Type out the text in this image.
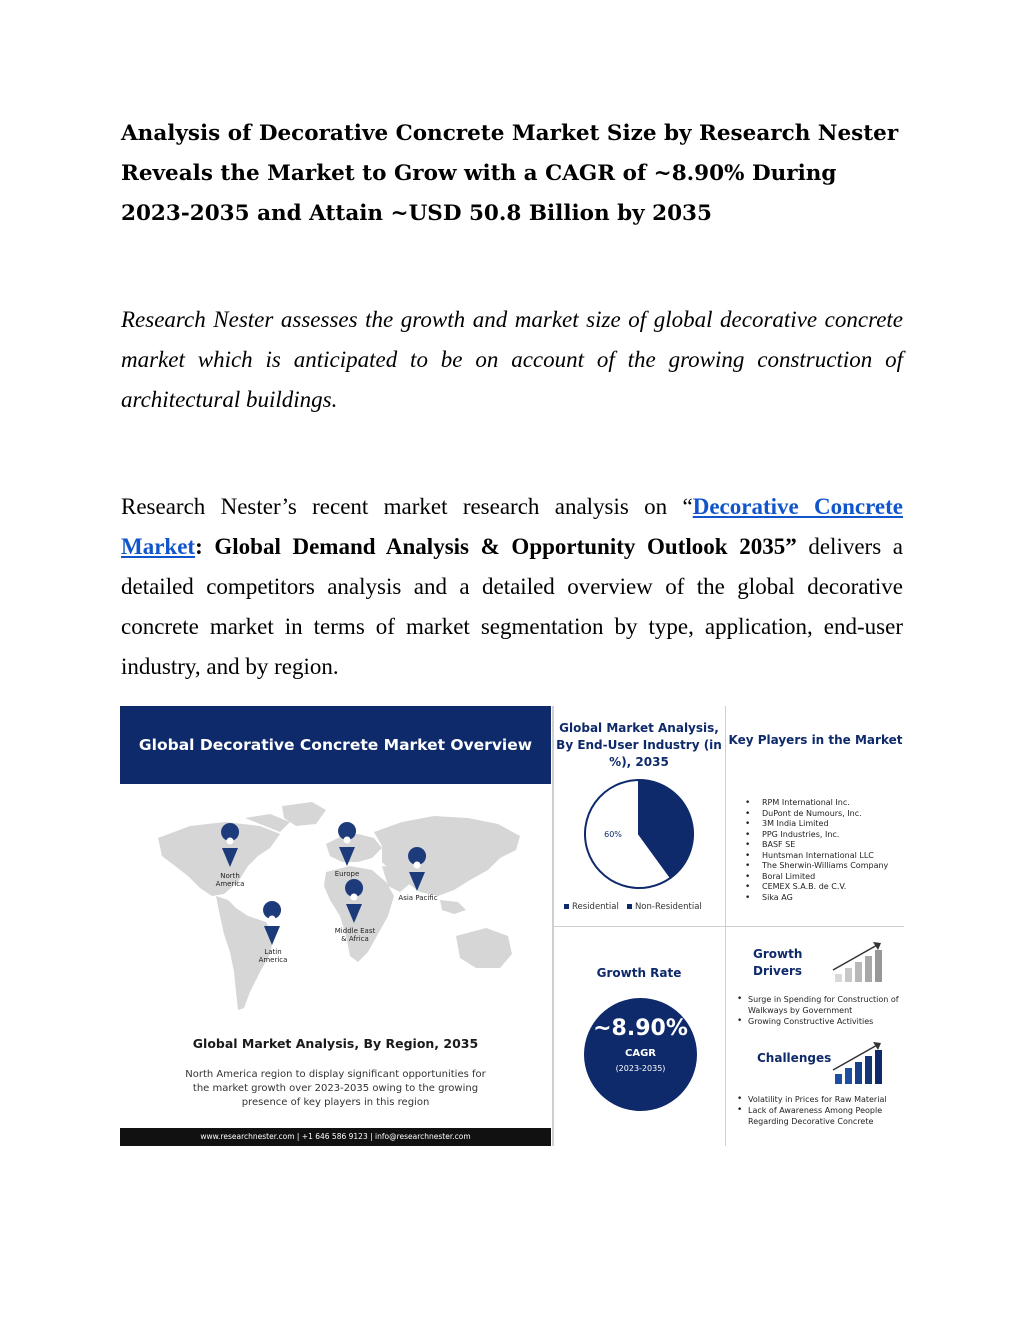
Analysis of Decorative Concrete Market Size by Research Nester Reveals the Market to Grow with a CAGR of ~8.90% During 2023-2035 and Attain ~USD 50.8 Billion by 2035

Research Nester assesses the growth and market size of global decorative concrete market which is anticipated to be on account of the growing construction of architectural buildings.

Research Nester’s recent market research analysis on “Decorative Concrete Market: Global Demand Analysis & Opportunity Outlook 2035” delivers a detailed competitors analysis and a detailed overview of the global decorative concrete market in terms of market segmentation by type, application, end-user industry, and by region.

Global Decorative Concrete Market Overview
North America
Europe
Asia Pacific
Middle East & Africa
Latin America
Global Market Analysis, By Region, 2035
North America region to display significant opportunities for the market growth over 2023-2035 owing to the growing presence of key players in this region
www.researchnester.com | +1 646 586 9123 | info@researchnester.com
Global Market Analysis, By End-User Industry (in %), 2035
60%
Residential Non-Residential
Key Players in the Market
• RPM International Inc.
• DuPont de Numours, Inc.
• 3M India Limited
• PPG Industries, Inc.
• BASF SE
• Huntsman International LLC
• The Sherwin-Williams Company
• Boral Limited
• CEMEX S.A.B. de C.V.
• Sika AG
Growth Rate
~8.90%
CAGR
(2023-2035)
Growth Drivers
• Surge in Spending for Construction of Walkways by Government
• Growing Constructive Activities
Challenges
• Volatility in Prices for Raw Material
• Lack of Awareness Among People Regarding Decorative Concrete
